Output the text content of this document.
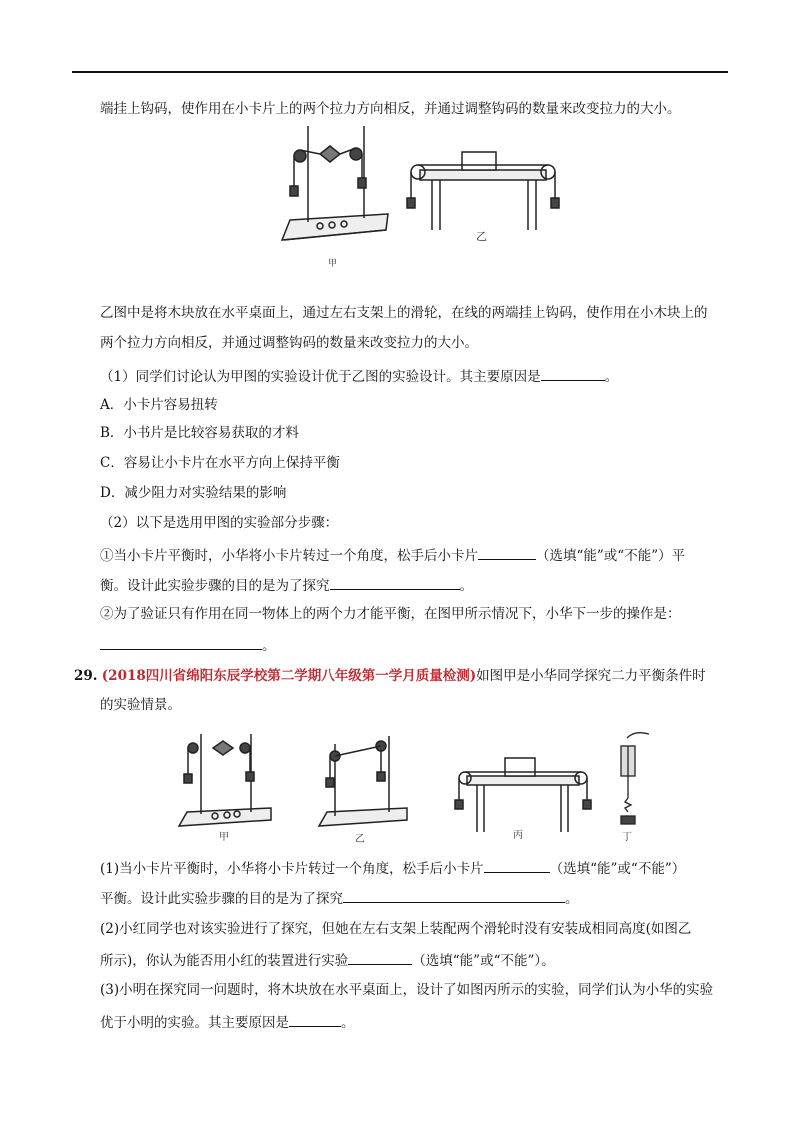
端挂上钩码，使作用在小卡片上的两个拉力方向相反，并通过调整钩码的数量来改变拉力的大小。
甲
乙
乙图中是将木块放在水平桌面上，通过左右支架上的滑轮，在线的两端挂上钩码，使作用在小木块上的
两个拉力方向相反，并通过调整钩码的数量来改变拉力的大小。
（1）同学们讨论认为甲图的实验设计优于乙图的实验设计。其主要原因是	。
A．小卡片容易扭转
B．小书片是比较容易获取的才料
C．容易让小卡片在水平方向上保持平衡
D．减少阻力对实验结果的影响
（2）以下是选用甲图的实验部分步骤：
①当小卡片平衡时，小华将小卡片转过一个角度，松手后小卡片	（选填“能”或“不能”）平
衡。设计此实验步骤的目的是为了探究	。
②为了验证只有作用在同一物体上的两个力才能平衡，在图甲所示情况下，小华下一步的操作是：
。
29. (2018四川省绵阳东辰学校第二学期八年级第一学月质量检测)如图甲是小华同学探究二力平衡条件时
的实验情景。
甲	乙	丙	丁
(1)当小卡片平衡时，小华将小卡片转过一个角度，松手后小卡片	（选填“能”或“不能”）
平衡。设计此实验步骤的目的是为了探究	。
(2)小红同学也对该实验进行了探究，但她在左右支架上装配两个滑轮时没有安装成相同高度(如图乙
所示)，你认为能否用小红的装置进行实验	（选填“能”或“不能”）。
(3)小明在探究同一问题时，将木块放在水平桌面上，设计了如图丙所示的实验，同学们认为小华的实验
优于小明的实验。其主要原因是	。
